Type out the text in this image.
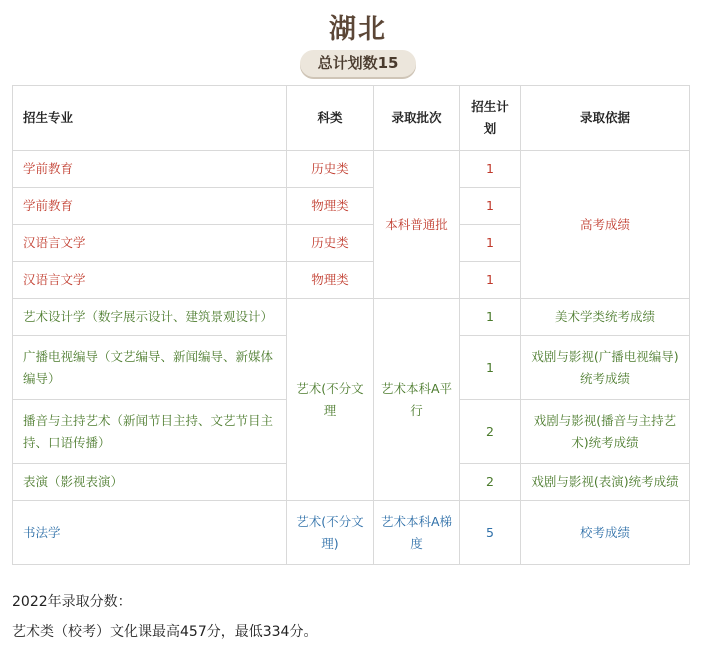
湖北
总计划数15
招生专业	科类	录取批次	招生计划	录取依据
学前教育	历史类	本科普通批	1	高考成绩
学前教育	物理类		1	
汉语言文学	历史类		1	
汉语言文学	物理类		1	
艺术设计学（数字展示设计、建筑景观设计）	艺术(不分文理	艺术本科A平行	1	美术学类统考成绩
广播电视编导（文艺编导、新闻编导、新媒体编导）			1	戏剧与影视(广播电视编导)统考成绩
播音与主持艺术（新闻节目主持、文艺节目主持、口语传播）			2	戏剧与影视(播音与主持艺术)统考成绩
表演（影视表演）			2	戏剧与影视(表演)统考成绩
书法学	艺术(不分文理)	艺术本科A梯度	5	校考成绩
2022年录取分数：
艺术类（校考）文化课最高457分，最低334分。
